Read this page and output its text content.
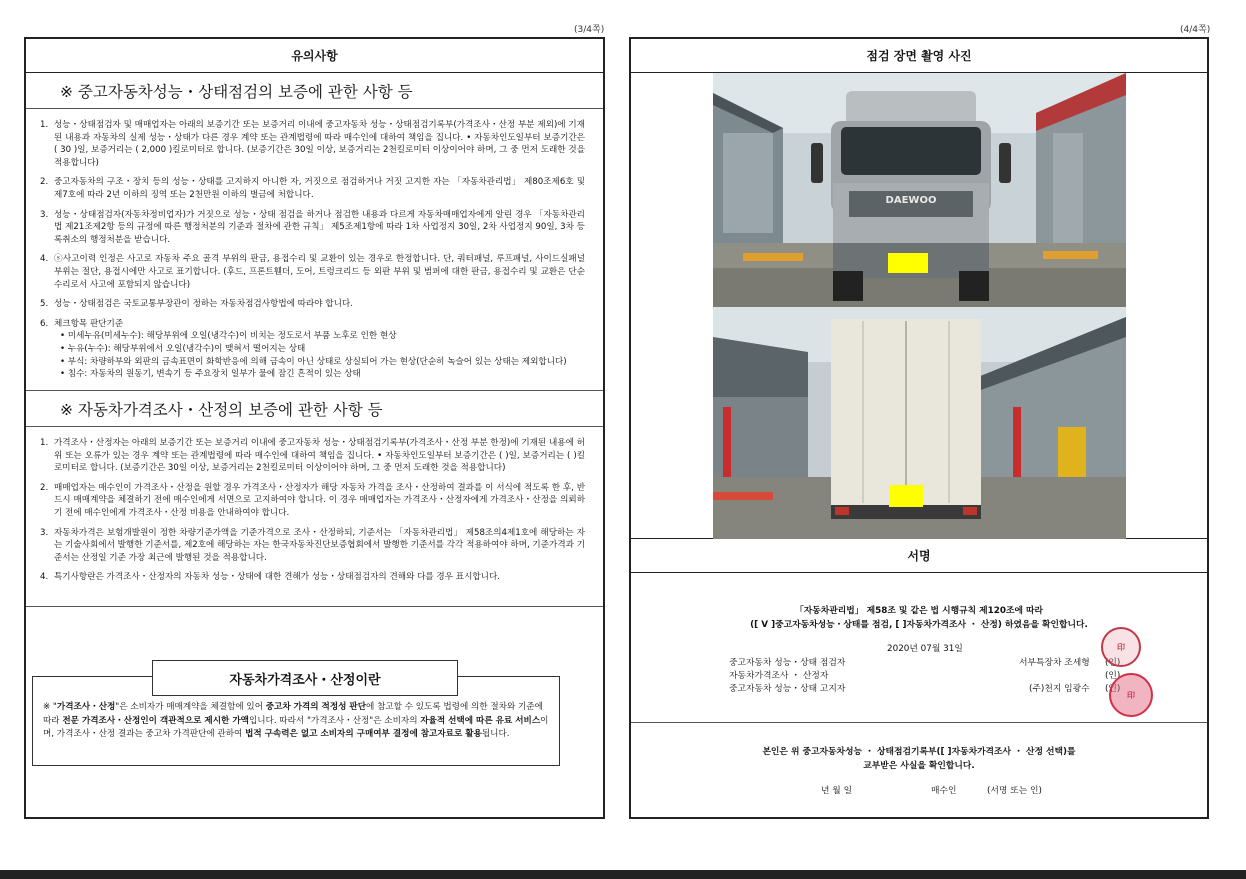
(3/4쪽)	(4/4쪽)
유의사항
※ 중고자동차성능・상태점검의 보증에 관한 사항 등
1. 성능・상태점검자 및 매매업자는 아래의 보증기간 또는 보증거리 이내에 중고자동차 성능・상태점검기록부(가격조사・산정 부분 제외)에 기재된 내용과 자동차의 실제 성능・상태가 다른 경우 계약 또는 관계법령에 따라 매수인에 대하여 책임을 집니다. • 자동차인도일부터 보증기간은 ( 30 )일, 보증거리는 ( 2,000 )킬로미터로 합니다. (보증기간은 30일 이상, 보증거리는 2천킬로미터 이상이어야 하며, 그 중 먼저 도래한 것을 적용합니다)
2. 중고자동차의 구조・장치 등의 성능・상태를 고지하지 아니한 자, 거짓으로 점검하거나 거짓 고지한 자는 「자동차관리법」 제80조제6호 및 제7호에 따라 2년 이하의 징역 또는 2천만원 이하의 벌금에 처합니다.
3. 성능・상태점검자(자동차정비업자)가 거짓으로 성능・상태 점검을 하거나 점검한 내용과 다르게 자동차매매업자에게 알린 경우 「자동차관리법 제21조제2항 등의 규정에 따른 행정처분의 기준과 절차에 관한 규칙」 제5조제1항에 따라 1차 사업정지 30일, 2차 사업정지 90일, 3차 등록취소의 행정처분을 받습니다.
4. ⓢ사고이력 인정은 사고로 자동차 주요 골격 부위의 판금, 용접수리 및 교환이 있는 경우로 한정합니다. 단, 쿼터패널, 루프패널, 사이드실패널 부위는 절단, 용접시에만 사고로 표기합니다. (후드, 프론트휀더, 도어, 트렁크리드 등 외판 부위 및 범퍼에 대한 판금, 용접수리 및 교환은 단순수리로서 사고에 포함되지 않습니다)
5. 성능・상태점검은 국토교통부장관이 정하는 자동차점검사항법에 따라야 합니다.
6. 체크항목 판단기준
• 미세누유(미세누수): 해당부위에 오일(냉각수)이 비치는 정도로서 부품 노후로 인한 현상
• 누유(누수): 해당부위에서 오일(냉각수)이 맺혀서 떨어지는 상태
• 부식: 차량하부와 외판의 금속표면이 화학반응에 의해 금속이 아닌 상태로 상실되어 가는 현상(단순히 녹슬어 있는 상태는 제외합니다)
• 침수: 자동차의 원동기, 변속기 등 주요장치 일부가 물에 잠긴 흔적이 있는 상태
※ 자동차가격조사・산정의 보증에 관한 사항 등
1. 가격조사・산정자는 아래의 보증기간 또는 보증거리 이내에 중고자동차 성능・상태점검기록부(가격조사・산정 부분 한정)에 기재된 내용에 허위 또는 오류가 있는 경우 계약 또는 관계법령에 따라 매수인에 대하여 책임을 집니다. • 자동차인도일부터 보증기간은 ( )일, 보증거리는 ( )킬로미터로 합니다. (보증기간은 30일 이상, 보증거리는 2천킬로미터 이상이어야 하며, 그 중 먼저 도래한 것을 적용합니다)
2. 매매업자는 매수인이 가격조사・산정을 원할 경우 가격조사・산정자가 해당 자동차 가격을 조사・산정하여 결과를 이 서식에 적도록 한 후, 반드시 매매계약을 체결하기 전에 매수인에게 서면으로 고지하여야 합니다. 이 경우 매매업자는 가격조사・산정자에게 가격조사・산정을 의뢰하기 전에 매수인에게 가격조사・산정 비용을 안내하여야 합니다.
3. 자동차가격은 보험개발원이 정한 차량기준가액을 기준가격으로 조사・산정하되, 기준서는 「자동차관리법」 제58조의4제1호에 해당하는 자는 기술사회에서 발행한 기준서를, 제2호에 해당하는 자는 한국자동차진단보증협회에서 발행한 기준서를 각각 적용하여야 하며, 기준가격과 기준서는 산정일 기준 가장 최근에 발행된 것을 적용합니다.
4. 특기사항란은 가격조사・산정자의 자동차 성능・상태에 대한 견해가 성능・상태점검자의 견해와 다를 경우 표시합니다.
※ "가격조사・산정"은 소비자가 매매계약을 체결함에 있어 중고차 가격의 적정성 판단에 참고할 수 있도록 법령에 의한 절차와 기준에 따라 전문 가격조사・산정인이 객관적으로 제시한 가액입니다. 따라서 "가격조사・산정"은 소비자의 자율적 선택에 따른 유료 서비스이며, 가격조사・산정 결과는 중고차 가격판단에 관하여 법적 구속력은 없고 소비자의 구매여부 결정에 참고자료로 활용됩니다.
자동차가격조사・산정이란
점검 장면 촬영 사진
DAEWOO
서명
「자동차관리법」 제58조 및 같은 법 시행규칙 제120조에 따라
([ V ]중고자동차성능・상태를 점검, [ ]자동차가격조사 ・ 산정) 하였음을 확인합니다.
2020년 07월 31일
중고자동차 성능・상태 점검자	서부특장차 조세형 (인)
자동차가격조사 ・ 산정자	(인)
중고자동차 성능・상태 고지자	(주)천지 임광수 (인)
印
印
본인은 위 중고자동차성능 ・ 상태점검기록부([ ]자동차가격조사 ・ 산정 선택)를
교부받은 사실을 확인합니다.
년 월 일	매수인	(서명 또는 인)
